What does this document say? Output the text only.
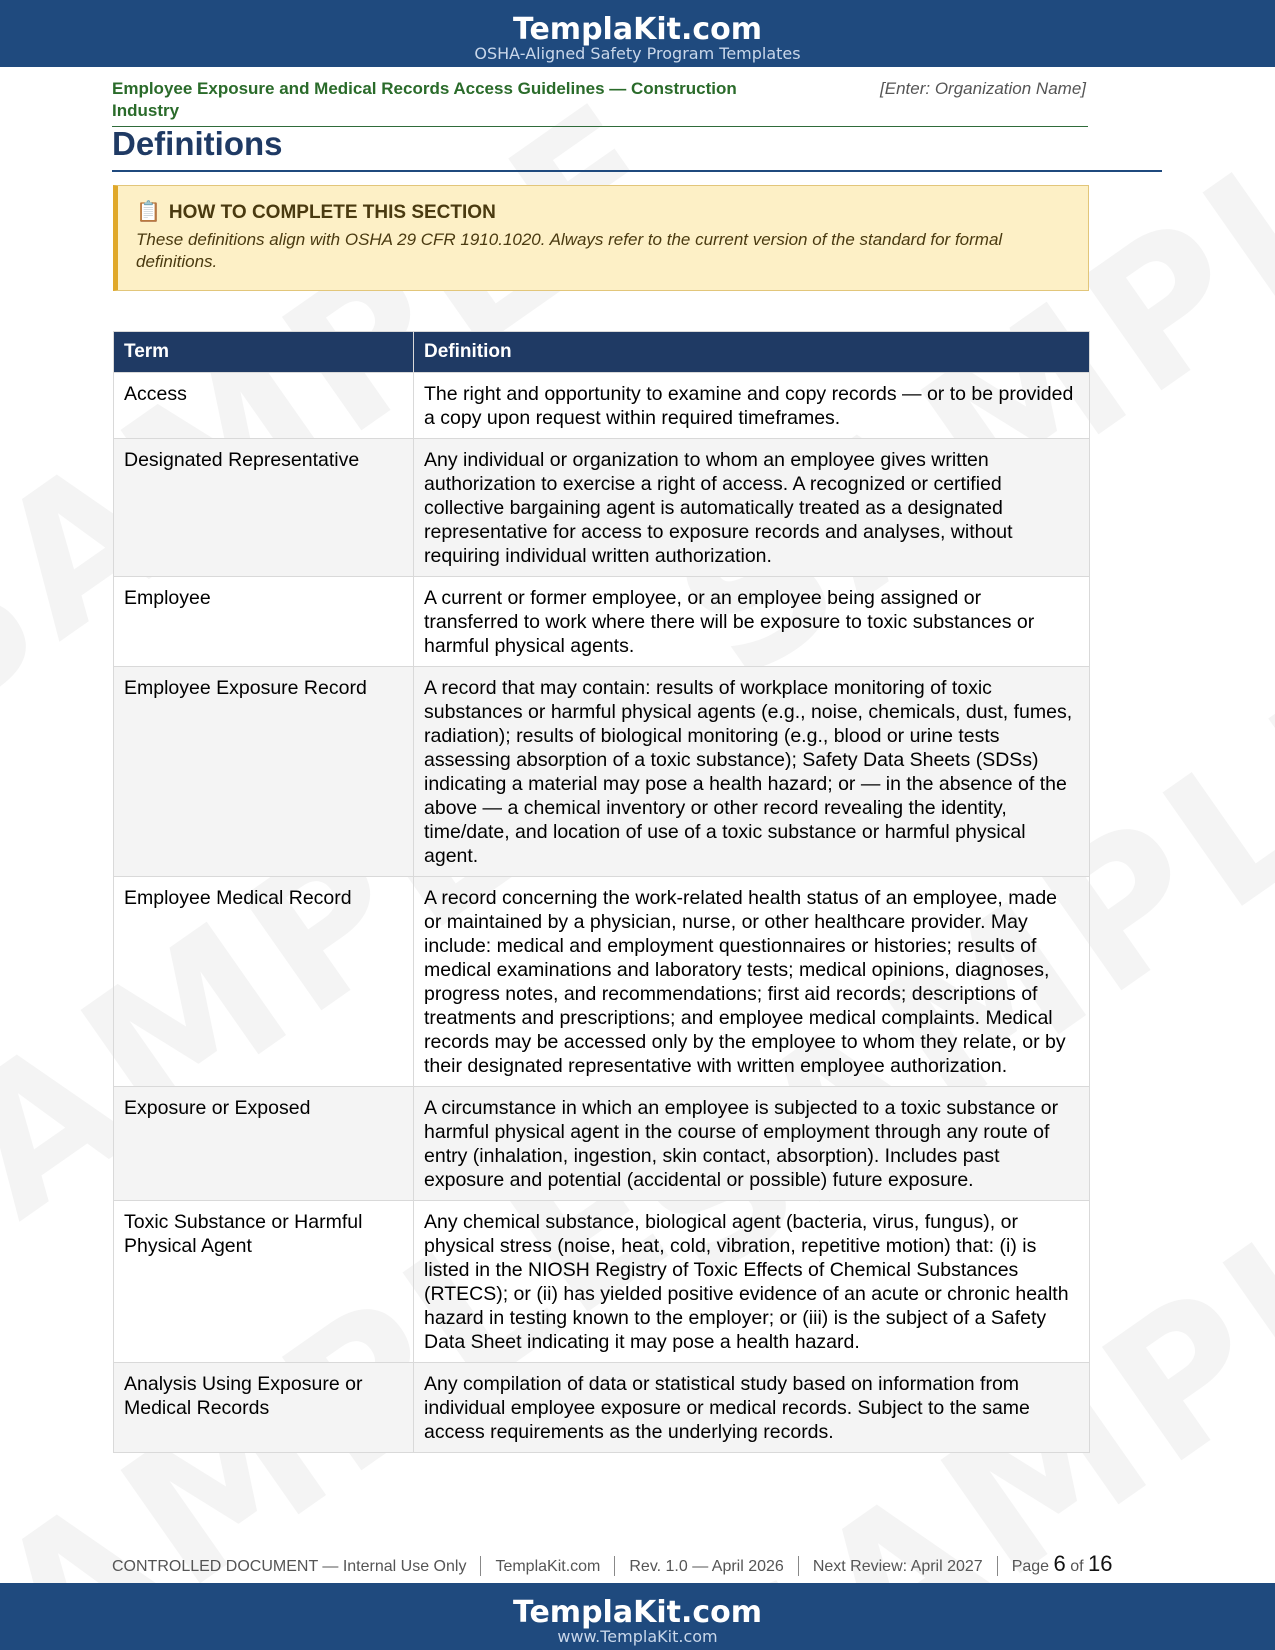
TemplaKit.com
OSHA-Aligned Safety Program Templates
Employee Exposure and Medical Records Access Guidelines — Construction Industry
[Enter: Organization Name]
Definitions
📋 HOW TO COMPLETE THIS SECTION
These definitions align with OSHA 29 CFR 1910.1020. Always refer to the current version of the standard for formal definitions.
Term	Definition
Access	The right and opportunity to examine and copy records — or to be provided a copy upon request within required timeframes.
Designated Representative	Any individual or organization to whom an employee gives written authorization to exercise a right of access. A recognized or certified collective bargaining agent is automatically treated as a designated representative for access to exposure records and analyses, without requiring individual written authorization.
Employee	A current or former employee, or an employee being assigned or transferred to work where there will be exposure to toxic substances or harmful physical agents.
Employee Exposure Record	A record that may contain: results of workplace monitoring of toxic substances or harmful physical agents (e.g., noise, chemicals, dust, fumes, radiation); results of biological monitoring (e.g., blood or urine tests assessing absorption of a toxic substance); Safety Data Sheets (SDSs) indicating a material may pose a health hazard; or — in the absence of the above — a chemical inventory or other record revealing the identity, time/date, and location of use of a toxic substance or harmful physical agent.
Employee Medical Record	A record concerning the work-related health status of an employee, made or maintained by a physician, nurse, or other healthcare provider. May include: medical and employment questionnaires or histories; results of medical examinations and laboratory tests; medical opinions, diagnoses, progress notes, and recommendations; first aid records; descriptions of treatments and prescriptions; and employee medical complaints. Medical records may be accessed only by the employee to whom they relate, or by their designated representative with written employee authorization.
Exposure or Exposed	A circumstance in which an employee is subjected to a toxic substance or harmful physical agent in the course of employment through any route of entry (inhalation, ingestion, skin contact, absorption). Includes past exposure and potential (accidental or possible) future exposure.
Toxic Substance or Harmful Physical Agent	Any chemical substance, biological agent (bacteria, virus, fungus), or physical stress (noise, heat, cold, vibration, repetitive motion) that: (i) is listed in the NIOSH Registry of Toxic Effects of Chemical Substances (RTECS); or (ii) has yielded positive evidence of an acute or chronic health hazard in testing known to the employer; or (iii) is the subject of a Safety Data Sheet indicating it may pose a health hazard.
Analysis Using Exposure or Medical Records	Any compilation of data or statistical study based on information from individual employee exposure or medical records. Subject to the same access requirements as the underlying records.
CONTROLLED DOCUMENT — Internal Use Only TemplaKit.com Rev. 1.0 — April 2026 Next Review: April 2027 Page 6 of 16
TemplaKit.com
www.TemplaKit.com
